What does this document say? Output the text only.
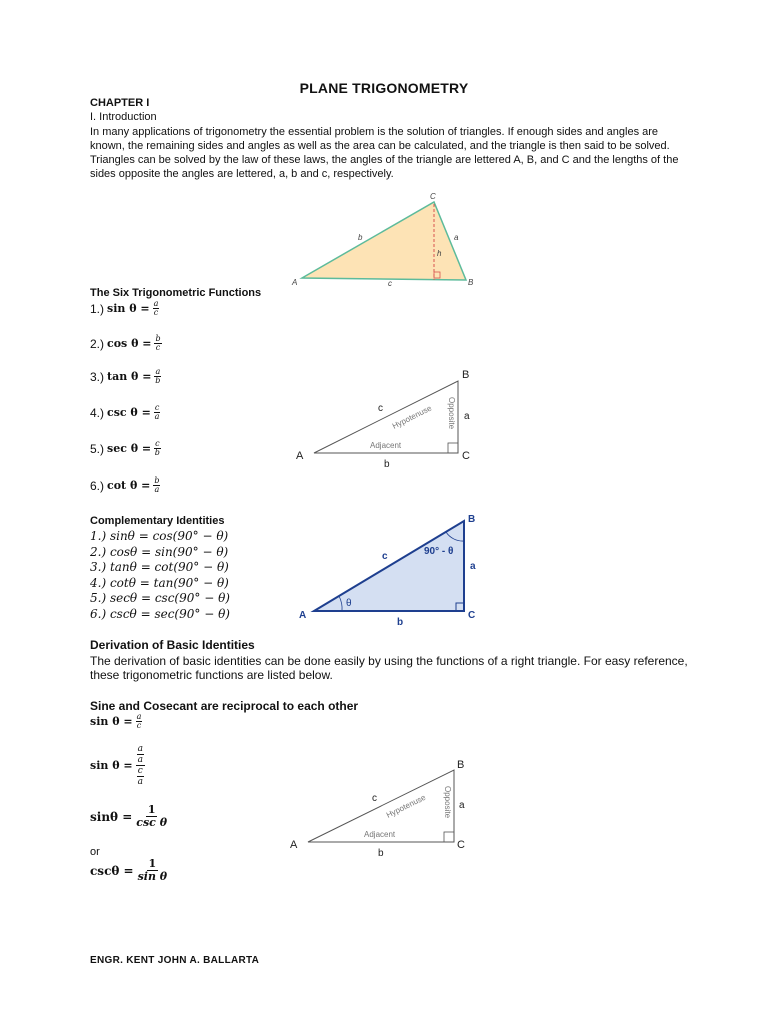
PLANE TRIGONOMETRY
CHAPTER I
I. Introduction
In many applications of trigonometry the essential problem is the solution of triangles. If enough sides and angles are known, the remaining sides and angles as well as the area can be calculated, and the triangle is then said to be solved. Triangles can be solved by the law of these laws, the angles of the triangle are lettered A, B, and C and the lengths of the sides opposite the angles are lettered, a, b and c, respectively.
A
C
B
b	a
c
h
The Six Trigonometric Functions
1.) $\sin \theta = \frac{a}{c}$
2.) $\cos \theta = \frac{b}{c}$
3.) $\tan \theta = \frac{a}{b}$
4.) $\csc \theta = \frac{c}{a}$
5.) $\sec \theta = \frac{c}{b}$
6.) $\cot \theta = \frac{b}{a}$
A
B
C
a
b
c Hypotenuse Opposite
Adjacent
Complementary Identities
1.) sinθ = cos(90° − θ)
2.) cosθ = sin(90° − θ)
3.) tanθ = cot(90° − θ)
4.) cotθ = tan(90° − θ)
5.) secθ = csc(90° − θ)
6.) cscθ = sec(90° − θ)	A
B
C
a
b
c
θ
90° - θ
Derivation of Basic Identities
The derivation of basic identities can be done easily by using the functions of a right triangle. For easy reference, these trigonometric functions are listed below.
Sine and Cosecant are reciprocal to each other
$\sin \theta = \frac{a}{c}$
sin θ = a
a
c
a
$\sin\theta = \frac{1}{\text{csc θ}}$
or
$\csc\theta = \frac{1}{\text{sin θ}}$
A
B
C
a
b
c Hypotenuse Opposite
Adjacent
ENGR. KENT JOHN A. BALLARTA
